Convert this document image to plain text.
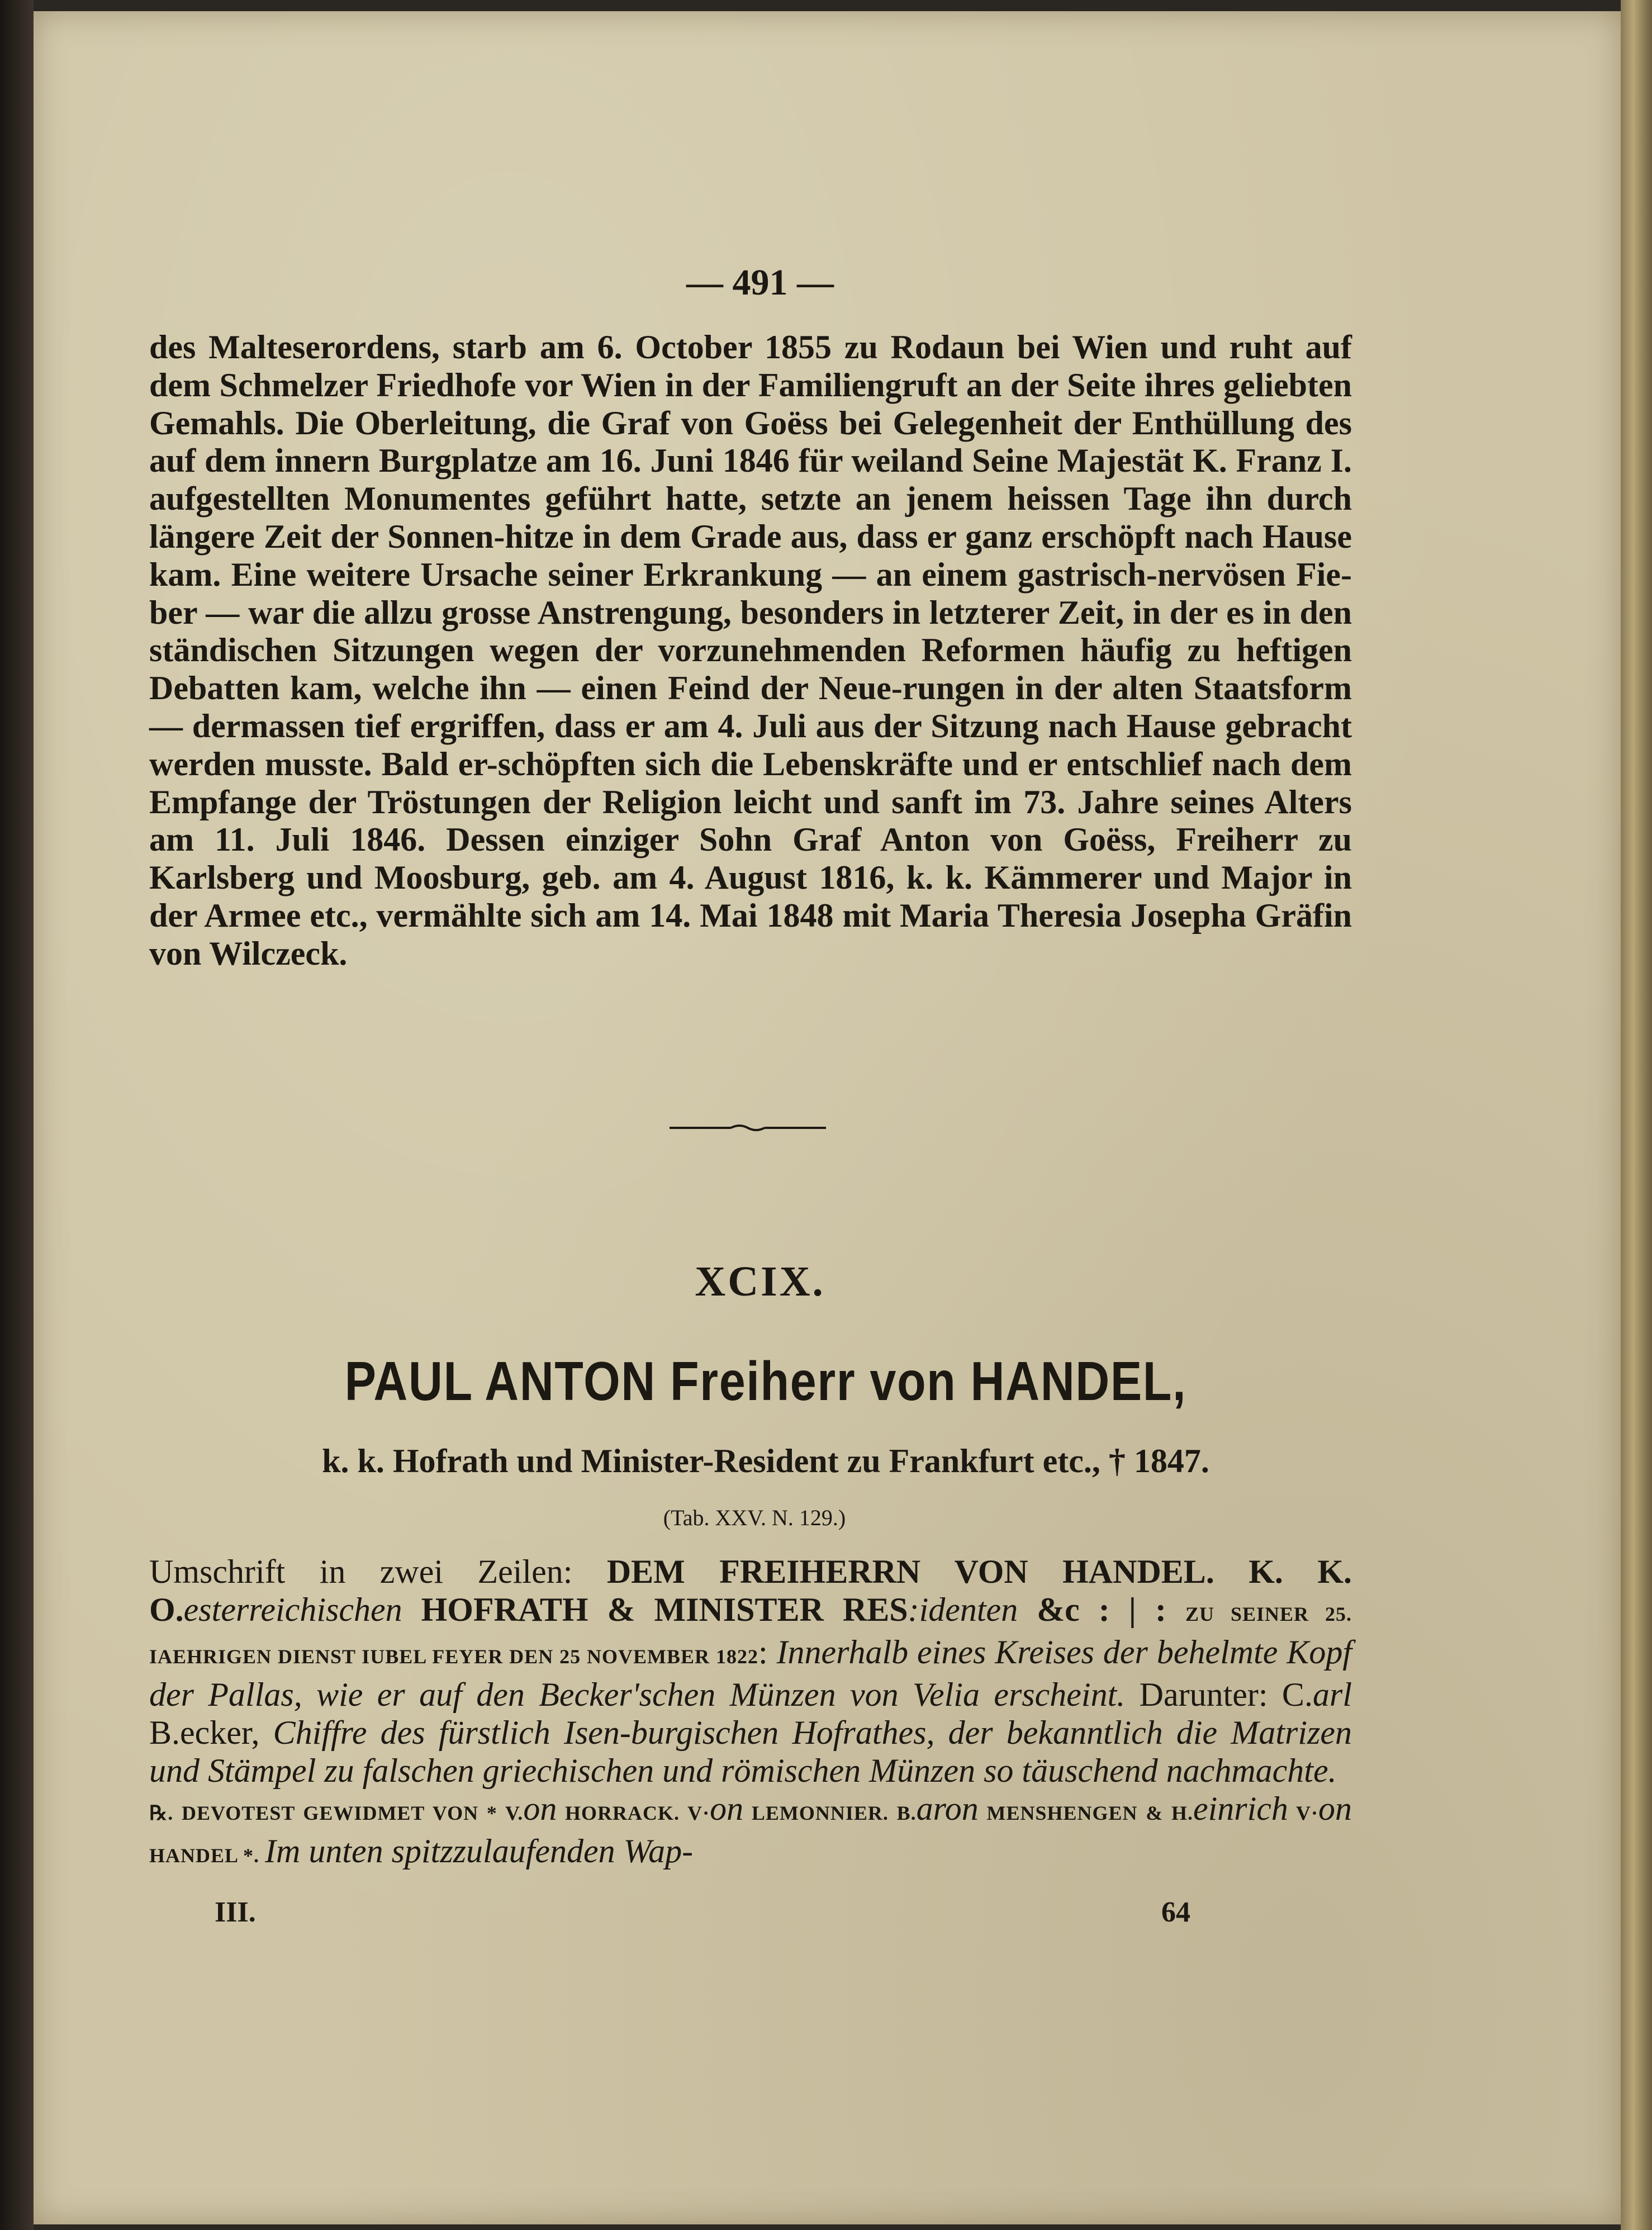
— 491 —

des Malteserordens, starb am 6. October 1855 zu Rodaun bei Wien und ruht auf dem Schmelzer Friedhofe vor Wien in der Familiengruft an der Seite ihres geliebten Gemahls. Die Oberleitung, die Graf von Goëss bei Gelegenheit der Enthüllung des auf dem innern Burgplatze am 16. Juni 1846 für weiland Seine Majestät K. Franz I. aufgestellten Monumentes geführt hatte, setzte an jenem heissen Tage ihn durch längere Zeit der Sonnen-hitze in dem Grade aus, dass er ganz erschöpft nach Hause kam. Eine weitere Ursache seiner Erkrankung — an einem gastrisch-nervösen Fie-ber — war die allzu grosse Anstrengung, besonders in letzterer Zeit, in der es in den ständischen Sitzungen wegen der vorzunehmenden Reformen häufig zu heftigen Debatten kam, welche ihn — einen Feind der Neue-rungen in der alten Staatsform — dermassen tief ergriffen, dass er am 4. Juli aus der Sitzung nach Hause gebracht werden musste. Bald er-schöpften sich die Lebenskräfte und er entschlief nach dem Empfange der Tröstungen der Religion leicht und sanft im 73. Jahre seines Alters am 11. Juli 1846. Dessen einziger Sohn Graf Anton von Goëss, Freiherr zu Karlsberg und Moosburg, geb. am 4. August 1816, k. k. Kämmerer und Major in der Armee etc., vermählte sich am 14. Mai 1848 mit Maria Theresia Josepha Gräfin von Wilczeck.

XCIX.
PAUL ANTON Freiherr von HANDEL,
k. k. Hofrath und Minister-Resident zu Frankfurt etc., † 1847.
(Tab. XXV. N. 129.)

Umschrift in zwei Zeilen: DEM FREIHERRN VON HANDEL. K. K. O.esterreichischen HOFRATH & MINISTER RES:identen &c : | : ZU SEINER 25. IAEHRIGEN DIENST IUBEL FEYER DEN 25 NOVEMBER 1822: Innerhalb eines Kreises der behelmte Kopf der Pallas, wie er auf den Becker'schen Münzen von Velia erscheint. Darunter: C.arl B.ecker, Chiffre des fürstlich Isen-burgischen Hofrathes, der bekanntlich die Matrizen und Stämpel zu falschen griechischen und römischen Münzen so täuschend nachmachte.

℞. DEVOTEST GEWIDMET VON * V.on HORRACK. V·on LEMONNIER. B.aron MENSHENGEN & H.einrich V·on HANDEL *. Im unten spitzzulaufenden Wap-

III.	64
